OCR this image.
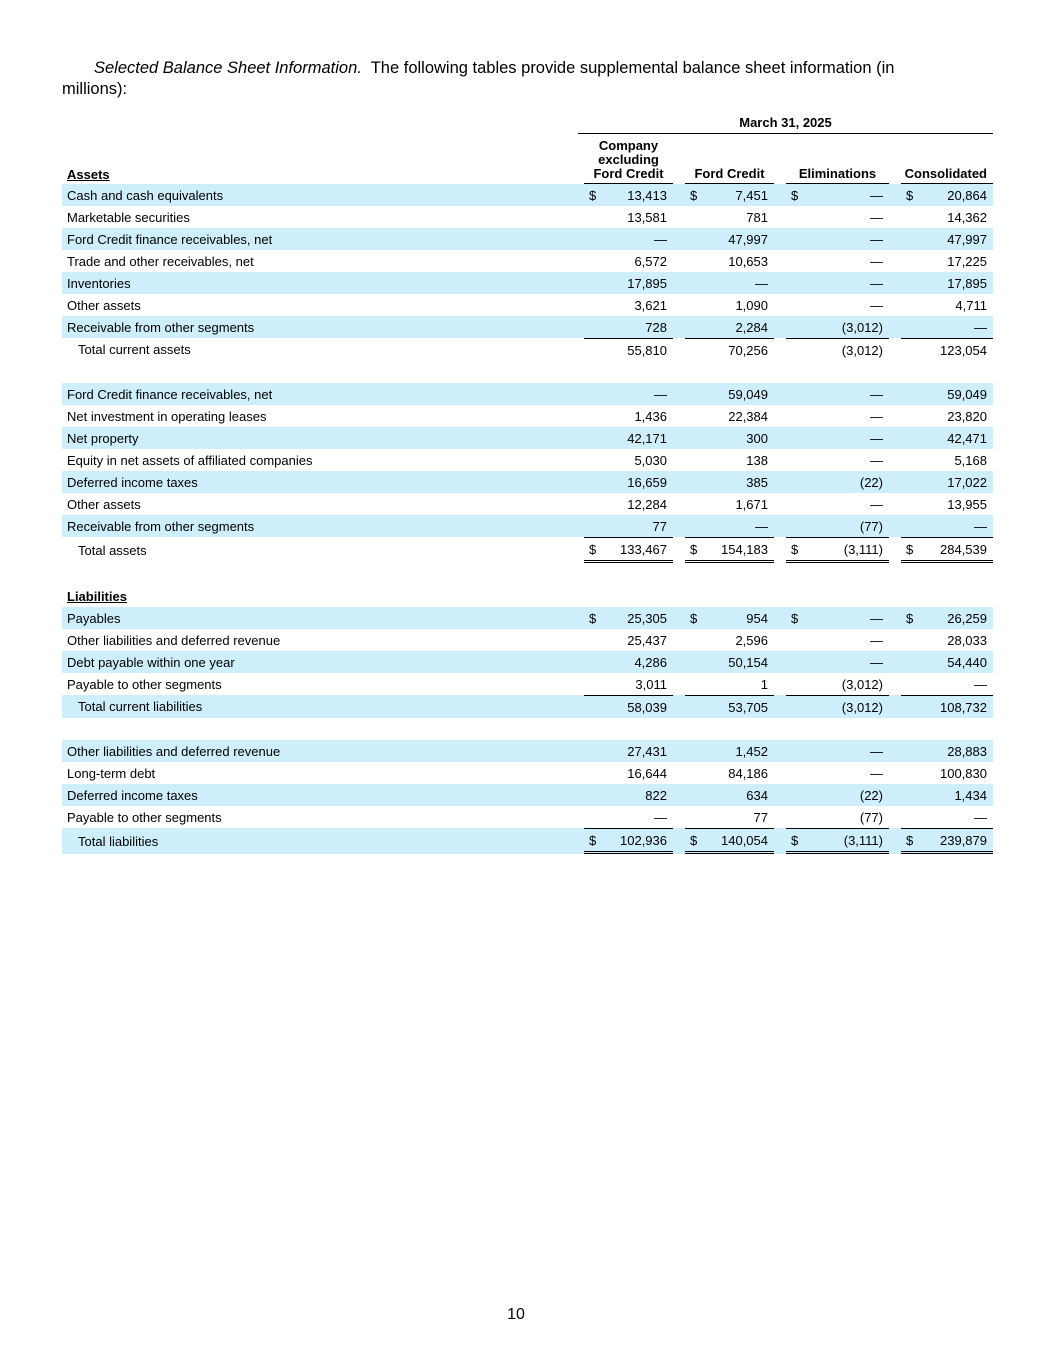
Selected Balance Sheet Information. The following tables provide supplemental balance sheet information (in millions):
March 31, 2025
Assets		Company excluding Ford Credit		Ford Credit		Eliminations		Consolidated
Cash and cash equivalents		$ 13,413		$ 7,451		$ —		$ 20,864

Marketable securities		13,581		781		—		14,362

Ford Credit finance receivables, net		—		47,997		—		47,997

Trade and other receivables, net		6,572		10,653		—		17,225

Inventories		17,895		—		—		17,895

Other assets		3,621		1,090		—		4,711

Receivable from other segments		728		2,284		(3,012)		—

Total current assets		55,810		70,256		(3,012)		123,054

Ford Credit finance receivables, net		—		59,049		—		59,049

Net investment in operating leases		1,436		22,384		—		23,820

Net property		42,171		300		—		42,471

Equity in net assets of affiliated companies		5,030		138		—		5,168

Deferred income taxes		16,659		385		(22)		17,022

Other assets		12,284		1,671		—		13,955

Receivable from other segments		77		—		(77)		—

Total assets		$ 133,467		$ 154,183		$ (3,111)		$ 284,539

Liabilities								
Payables		$ 25,305		$ 954		$ —		$ 26,259

Other liabilities and deferred revenue		25,437		2,596		—		28,033

Debt payable within one year		4,286		50,154		—		54,440

Payable to other segments		3,011		1		(3,012)		—

Total current liabilities		58,039		53,705		(3,012)		108,732

Other liabilities and deferred revenue		27,431		1,452		—		28,883

Long-term debt		16,644		84,186		—		100,830

Deferred income taxes		822		634		(22)		1,434

Payable to other segments		—		77		(77)		—

Total liabilities		$ 102,936		$ 140,054		$ (3,111)		$ 239,879
10
